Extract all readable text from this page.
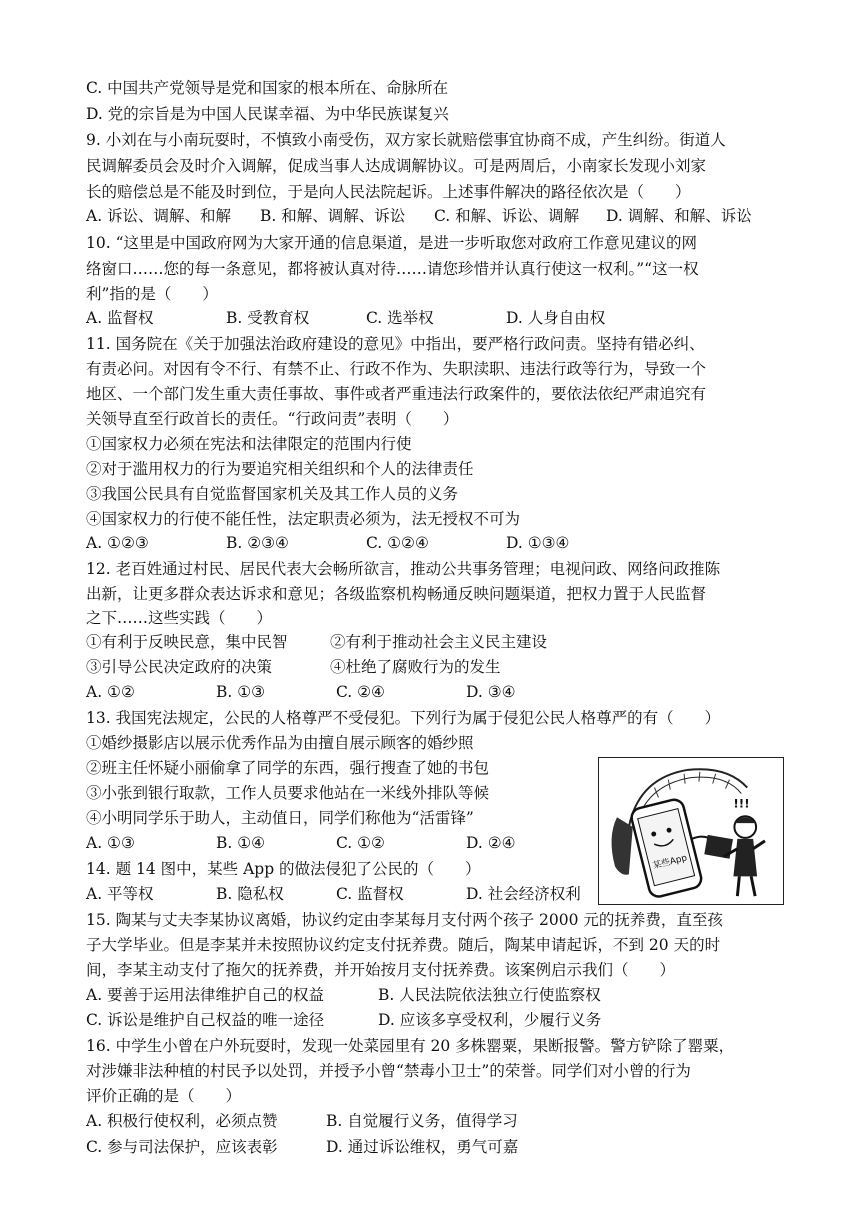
C. 中国共产党领导是党和国家的根本所在、命脉所在
D. 党的宗旨是为中国人民谋幸福、为中华民族谋复兴
9. 小刘在与小南玩耍时，不慎致小南受伤，双方家长就赔偿事宜协商不成，产生纠纷。街道人
民调解委员会及时介入调解，促成当事人达成调解协议。可是两周后，小南家长发现小刘家
长的赔偿总是不能及时到位，于是向人民法院起诉。上述事件解决的路径依次是（　　）
A. 诉讼、调解、和解 B. 和解、调解、诉讼 C. 和解、诉讼、调解 D. 调解、和解、诉讼
10. “这里是中国政府网为大家开通的信息渠道，是进一步听取您对政府工作意见建议的网
络窗口……您的每一条意见，都将被认真对待……请您珍惜并认真行使这一权利。”“这一权
利”指的是（　　）
A. 监督权	B. 受教育权	C. 选举权	D. 人身自由权
11. 国务院在《关于加强法治政府建设的意见》中指出，要严格行政问责。坚持有错必纠、
有责必问。对因有令不行、有禁不止、行政不作为、失职渎职、违法行政等行为，导致一个
地区、一个部门发生重大责任事故、事件或者严重违法行政案件的，要依法依纪严肃追究有
关领导直至行政首长的责任。“行政问责”表明（　　）
①国家权力必须在宪法和法律限定的范围内行使
②对于滥用权力的行为要追究相关组织和个人的法律责任
③我国公民具有自觉监督国家机关及其工作人员的义务
④国家权力的行使不能任性，法定职责必须为，法无授权不可为
A. ①②③	B. ②③④	C. ①②④	D. ①③④
12. 老百姓通过村民、居民代表大会畅所欲言，推动公共事务管理；电视问政、网络问政推陈
出新，让更多群众表达诉求和意见；各级监察机构畅通反映问题渠道，把权力置于人民监督
之下……这些实践（　　）
①有利于反映民意，集中民智	②有利于推动社会主义民主建设
③引导公民决定政府的决策	④杜绝了腐败行为的发生
A. ①②	B. ①③	C. ②④	D. ③④
13. 我国宪法规定，公民的人格尊严不受侵犯。下列行为属于侵犯公民人格尊严的有（　　）
①婚纱摄影店以展示优秀作品为由擅自展示顾客的婚纱照
②班主任怀疑小丽偷拿了同学的东西，强行搜查了她的书包
③小张到银行取款，工作人员要求他站在一米线外排队等候
④小明同学乐于助人，主动值日，同学们称他为“活雷锋”
A. ①③	B. ①④	C. ①②	D. ②④
14. 题 14 图中，某些 App 的做法侵犯了公民的（　　）
A. 平等权	B. 隐私权	C. 监督权	D. 社会经济权利
某些App
!!!
15. 陶某与丈夫李某协议离婚，协议约定由李某每月支付两个孩子 2000 元的抚养费，直至孩
子大学毕业。但是李某并未按照协议约定支付抚养费。随后，陶某申请起诉，不到 20 天的时
间，李某主动支付了拖欠的抚养费，并开始按月支付抚养费。该案例启示我们（　　）
A. 要善于运用法律维护自己的权益	B. 人民法院依法独立行使监察权
C. 诉讼是维护自己权益的唯一途径	D. 应该多享受权利，少履行义务
16. 中学生小曾在户外玩耍时，发现一处菜园里有 20 多株罂粟，果断报警。警方铲除了罂粟，
对涉嫌非法种植的村民予以处罚，并授予小曾“禁毒小卫士”的荣誉。同学们对小曾的行为
评价正确的是（　　）
A. 积极行使权利，必须点赞	B. 自觉履行义务，值得学习
C. 参与司法保护，应该表彰	D. 通过诉讼维权，勇气可嘉
